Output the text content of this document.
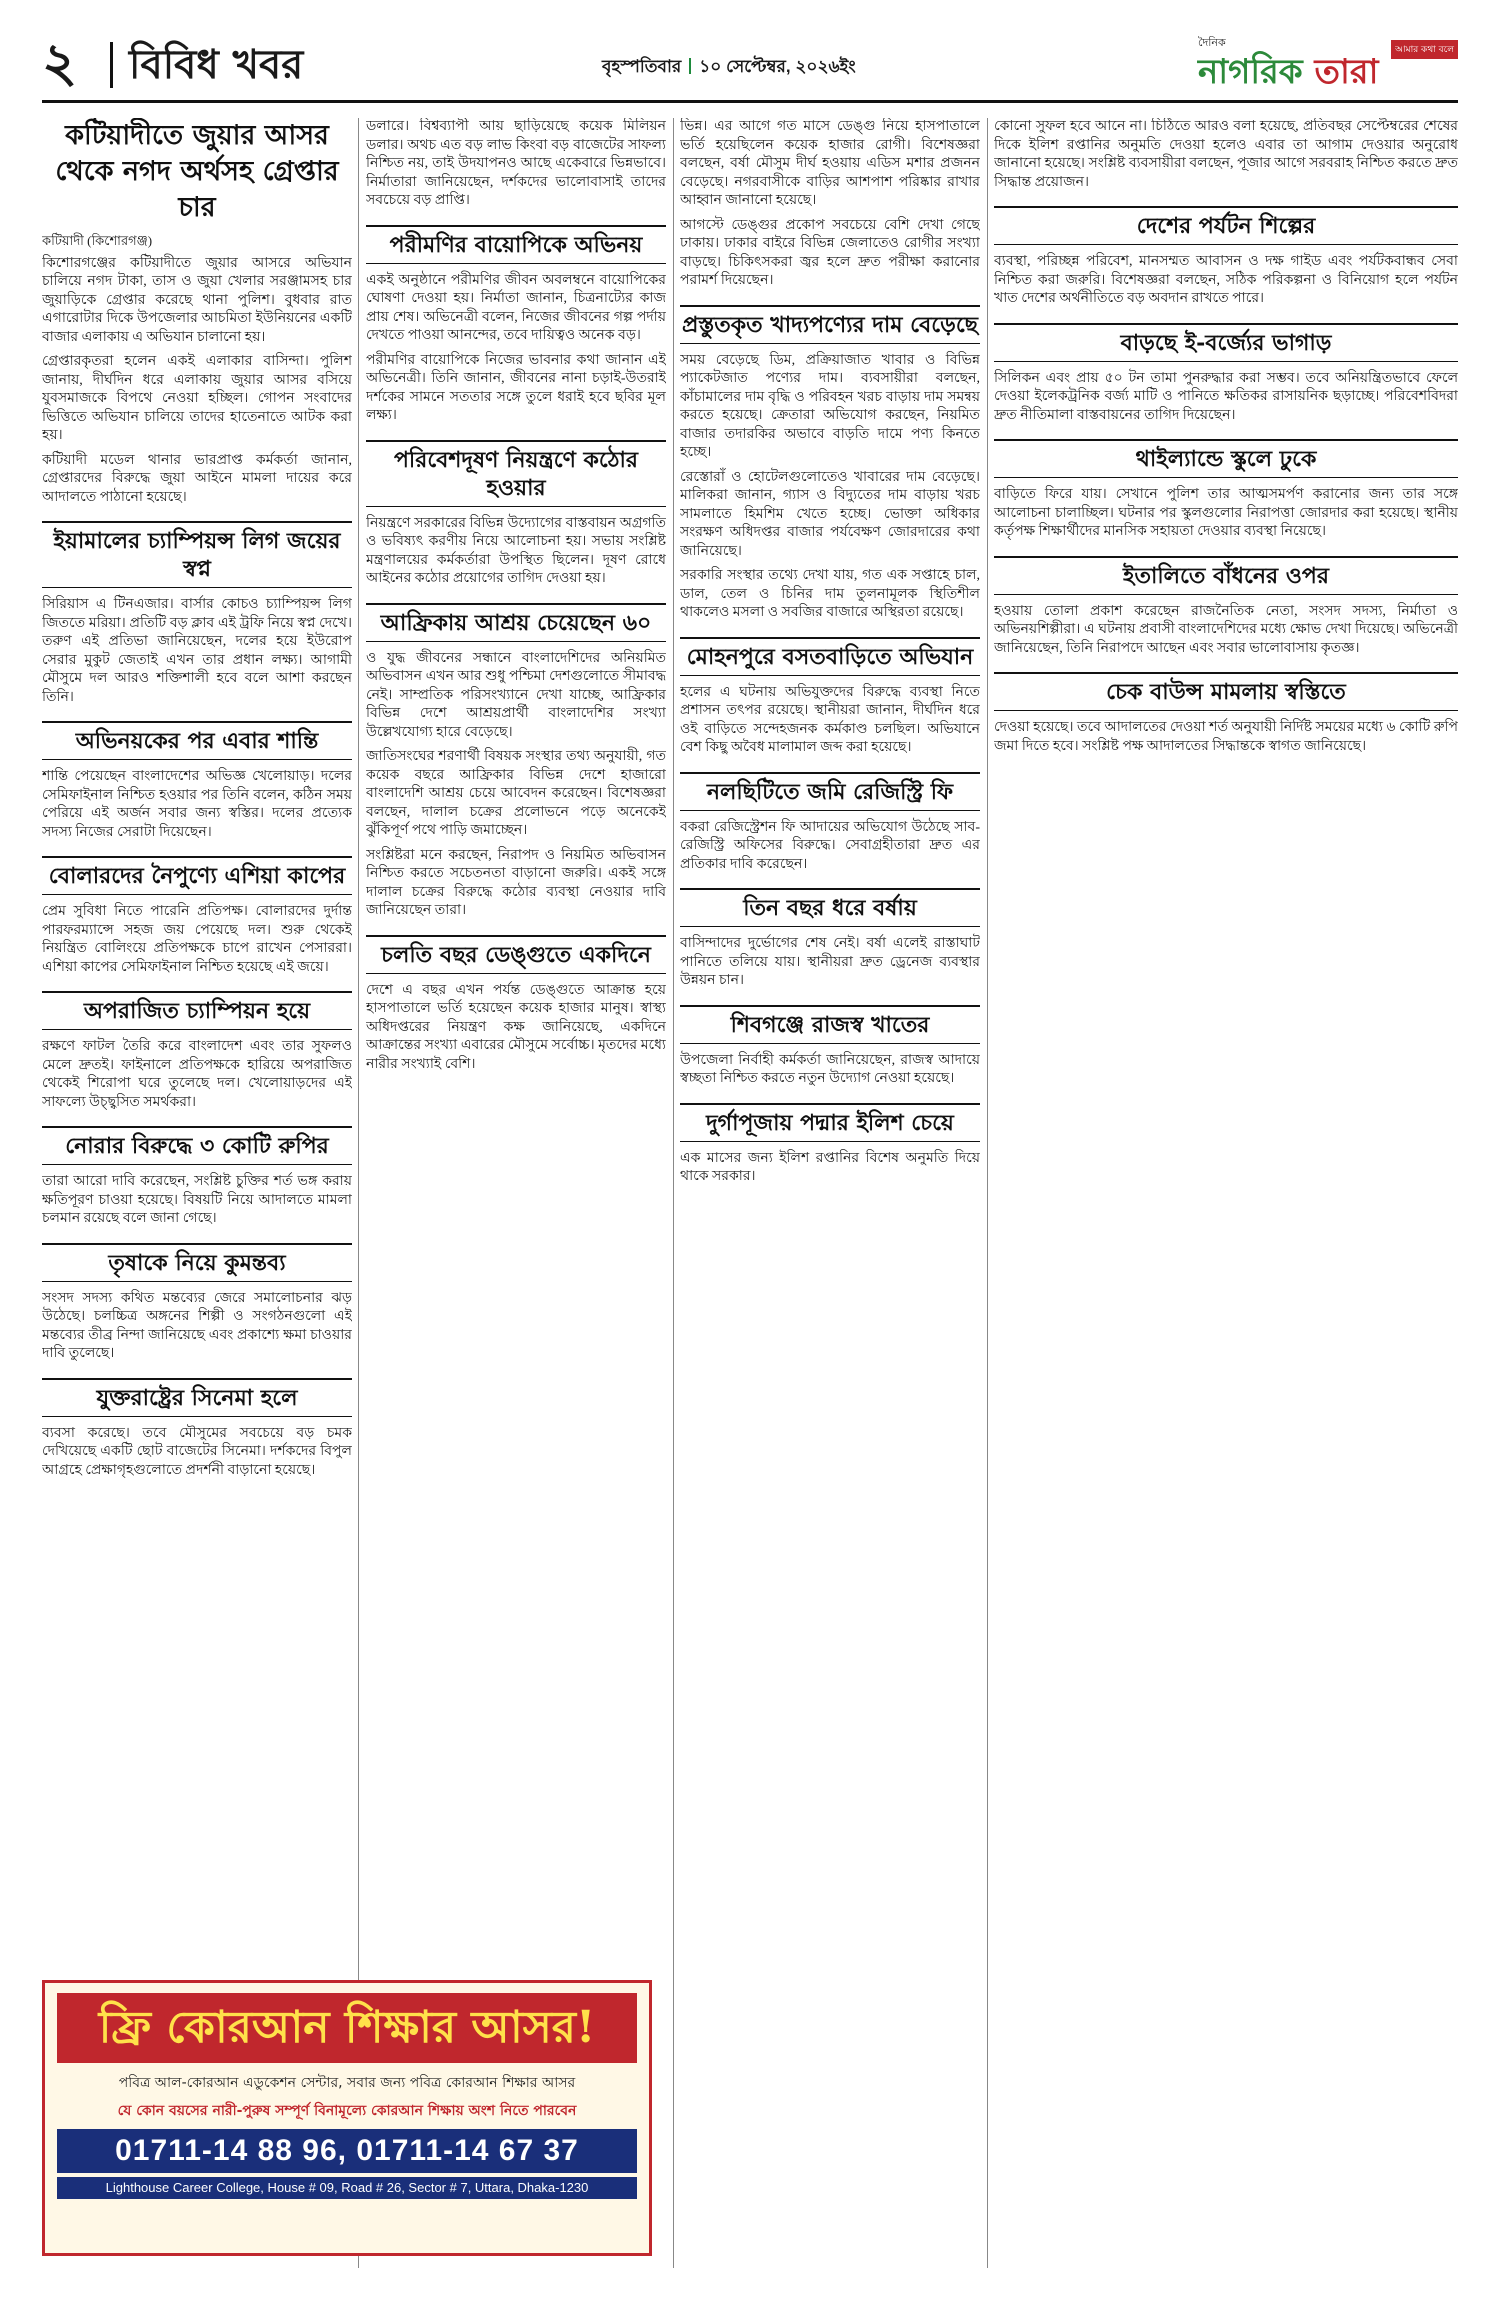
২ বিবিধ খবর	বৃহস্পতিবার ১০ সেপ্টেম্বর, ২০২৬ইং
দৈনিক
নাগরিক তারা
আমার কথা বলে
কটিয়াদীতে জুয়ার আসর থেকে নগদ অর্থসহ গ্রেপ্তার চার
কটিয়াদী (কিশোরগঞ্জ)

কিশোরগঞ্জের কটিয়াদীতে জুয়ার আসরে অভিযান চালিয়ে নগদ টাকা, তাস ও জুয়া খেলার সরঞ্জামসহ চার জুয়াড়িকে গ্রেপ্তার করেছে থানা পুলিশ। বুধবার রাত এগারোটার দিকে উপজেলার আচমিতা ইউনিয়নের একটি বাজার এলাকায় এ অভিযান চালানো হয়।

গ্রেপ্তারকৃতরা হলেন একই এলাকার বাসিন্দা। পুলিশ জানায়, দীর্ঘদিন ধরে এলাকায় জুয়ার আসর বসিয়ে যুবসমাজকে বিপথে নেওয়া হচ্ছিল। গোপন সংবাদের ভিত্তিতে অভিযান চালিয়ে তাদের হাতেনাতে আটক করা হয়।

কটিয়াদী মডেল থানার ভারপ্রাপ্ত কর্মকর্তা জানান, গ্রেপ্তারদের বিরুদ্ধে জুয়া আইনে মামলা দায়ের করে আদালতে পাঠানো হয়েছে।

ইয়ামালের চ্যাম্পিয়ন্স লিগ জয়ের স্বপ্ন

সিরিয়াস এ টিনএজার। বার্সার কোচও চ্যাম্পিয়ন্স লিগ জিততে মরিয়া। প্রতিটি বড় ক্লাব এই ট্রফি নিয়ে স্বপ্ন দেখে। তরুণ এই প্রতিভা জানিয়েছেন, দলের হয়ে ইউরোপ সেরার মুকুট জেতাই এখন তার প্রধান লক্ষ্য। আগামী মৌসুমে দল আরও শক্তিশালী হবে বলে আশা করছেন তিনি।

অভিনয়কের পর এবার শান্তি

শান্তি পেয়েছেন বাংলাদেশের অভিজ্ঞ খেলোয়াড়। দলের সেমিফাইনাল নিশ্চিত হওয়ার পর তিনি বলেন, কঠিন সময় পেরিয়ে এই অর্জন সবার জন্য স্বস্তির। দলের প্রত্যেক সদস্য নিজের সেরাটা দিয়েছেন।

বোলারদের নৈপুণ্যে এশিয়া কাপের

প্রেম সুবিধা নিতে পারেনি প্রতিপক্ষ। বোলারদের দুর্দান্ত পারফরম্যান্সে সহজ জয় পেয়েছে দল। শুরু থেকেই নিয়ন্ত্রিত বোলিংয়ে প্রতিপক্ষকে চাপে রাখেন পেসাররা। এশিয়া কাপের সেমিফাইনাল নিশ্চিত হয়েছে এই জয়ে।

অপরাজিত চ্যাম্পিয়ন হয়ে

রক্ষণে ফাটল তৈরি করে বাংলাদেশ এবং তার সুফলও মেলে দ্রুতই। ফাইনালে প্রতিপক্ষকে হারিয়ে অপরাজিত থেকেই শিরোপা ঘরে তুলেছে দল। খেলোয়াড়দের এই সাফল্যে উচ্ছ্বসিত সমর্থকরা।

নোরার বিরুদ্ধে ৩ কোটি রুপির

তারা আরো দাবি করেছেন, সংশ্লিষ্ট চুক্তির শর্ত ভঙ্গ করায় ক্ষতিপূরণ চাওয়া হয়েছে। বিষয়টি নিয়ে আদালতে মামলা চলমান রয়েছে বলে জানা গেছে।

তৃষাকে নিয়ে কুমন্তব্য

সংসদ সদস্য কথিত মন্তব্যের জেরে সমালোচনার ঝড় উঠেছে। চলচ্চিত্র অঙ্গনের শিল্পী ও সংগঠনগুলো এই মন্তব্যের তীব্র নিন্দা জানিয়েছে এবং প্রকাশ্যে ক্ষমা চাওয়ার দাবি তুলেছে।

যুক্তরাষ্ট্রের সিনেমা হলে

ব্যবসা করেছে। তবে মৌসুমের সবচেয়ে বড় চমক দেখিয়েছে একটি ছোট বাজেটের সিনেমা। দর্শকদের বিপুল আগ্রহে প্রেক্ষাগৃহগুলোতে প্রদর্শনী বাড়ানো হয়েছে।

ডলারে। বিশ্বব্যাপী আয় ছাড়িয়েছে কয়েক মিলিয়ন ডলার। অথচ এত বড় লাভ কিংবা বড় বাজেটের সাফল্য নিশ্চিত নয়, তাই উদযাপনও আছে একেবারে ভিন্নভাবে। নির্মাতারা জানিয়েছেন, দর্শকদের ভালোবাসাই তাদের সবচেয়ে বড় প্রাপ্তি।

পরীমণির বায়োপিকে অভিনয়

একই অনুষ্ঠানে পরীমণির জীবন অবলম্বনে বায়োপিকের ঘোষণা দেওয়া হয়। নির্মাতা জানান, চিত্রনাট্যের কাজ প্রায় শেষ। অভিনেত্রী বলেন, নিজের জীবনের গল্প পর্দায় দেখতে পাওয়া আনন্দের, তবে দায়িত্বও অনেক বড়।

পরীমণির বায়োপিকে নিজের ভাবনার কথা জানান এই অভিনেত্রী। তিনি জানান, জীবনের নানা চড়াই-উতরাই দর্শকের সামনে সততার সঙ্গে তুলে ধরাই হবে ছবির মূল লক্ষ্য।

পরিবেশদূষণ নিয়ন্ত্রণে কঠোর হওয়ার

নিয়ন্ত্রণে সরকারের বিভিন্ন উদ্যোগের বাস্তবায়ন অগ্রগতি ও ভবিষ্যৎ করণীয় নিয়ে আলোচনা হয়। সভায় সংশ্লিষ্ট মন্ত্রণালয়ের কর্মকর্তারা উপস্থিত ছিলেন। দূষণ রোধে আইনের কঠোর প্রয়োগের তাগিদ দেওয়া হয়।

আফ্রিকায় আশ্রয় চেয়েছেন ৬০

ও যুদ্ধ জীবনের সন্ধানে বাংলাদেশিদের অনিয়মিত অভিবাসন এখন আর শুধু পশ্চিমা দেশগুলোতে সীমাবদ্ধ নেই। সাম্প্রতিক পরিসংখ্যানে দেখা যাচ্ছে, আফ্রিকার বিভিন্ন দেশে আশ্রয়প্রার্থী বাংলাদেশির সংখ্যা উল্লেখযোগ্য হারে বেড়েছে।

জাতিসংঘের শরণার্থী বিষয়ক সংস্থার তথ্য অনুযায়ী, গত কয়েক বছরে আফ্রিকার বিভিন্ন দেশে হাজারো বাংলাদেশি আশ্রয় চেয়ে আবেদন করেছেন। বিশেষজ্ঞরা বলছেন, দালাল চক্রের প্রলোভনে পড়ে অনেকেই ঝুঁকিপূর্ণ পথে পাড়ি জমাচ্ছেন।

সংশ্লিষ্টরা মনে করছেন, নিরাপদ ও নিয়মিত অভিবাসন নিশ্চিত করতে সচেতনতা বাড়ানো জরুরি। একই সঙ্গে দালাল চক্রের বিরুদ্ধে কঠোর ব্যবস্থা নেওয়ার দাবি জানিয়েছেন তারা।

চলতি বছর ডেঙ্গুতে একদিনে

দেশে এ বছর এখন পর্যন্ত ডেঙ্গুতে আক্রান্ত হয়ে হাসপাতালে ভর্তি হয়েছেন কয়েক হাজার মানুষ। স্বাস্থ্য অধিদপ্তরের নিয়ন্ত্রণ কক্ষ জানিয়েছে, একদিনে আক্রান্তের সংখ্যা এবারের মৌসুমে সর্বোচ্চ। মৃতদের মধ্যে নারীর সংখ্যাই বেশি।

ভিন্ন। এর আগে গত মাসে ডেঙ্গু নিয়ে হাসপাতালে ভর্তি হয়েছিলেন কয়েক হাজার রোগী। বিশেষজ্ঞরা বলছেন, বর্ষা মৌসুম দীর্ঘ হওয়ায় এডিস মশার প্রজনন বেড়েছে। নগরবাসীকে বাড়ির আশপাশ পরিষ্কার রাখার আহ্বান জানানো হয়েছে।

আগস্টে ডেঙ্গুর প্রকোপ সবচেয়ে বেশি দেখা গেছে ঢাকায়। ঢাকার বাইরে বিভিন্ন জেলাতেও রোগীর সংখ্যা বাড়ছে। চিকিৎসকরা জ্বর হলে দ্রুত পরীক্ষা করানোর পরামর্শ দিয়েছেন।

প্রস্তুতকৃত খাদ্যপণ্যের দাম বেড়েছে

সময় বেড়েছে ডিম, প্রক্রিয়াজাত খাবার ও বিভিন্ন প্যাকেটজাত পণ্যের দাম। ব্যবসায়ীরা বলছেন, কাঁচামালের দাম বৃদ্ধি ও পরিবহন খরচ বাড়ায় দাম সমন্বয় করতে হয়েছে। ক্রেতারা অভিযোগ করছেন, নিয়মিত বাজার তদারকির অভাবে বাড়তি দামে পণ্য কিনতে হচ্ছে।

রেস্তোরাঁ ও হোটেলগুলোতেও খাবারের দাম বেড়েছে। মালিকরা জানান, গ্যাস ও বিদ্যুতের দাম বাড়ায় খরচ সামলাতে হিমশিম খেতে হচ্ছে। ভোক্তা অধিকার সংরক্ষণ অধিদপ্তর বাজার পর্যবেক্ষণ জোরদারের কথা জানিয়েছে।

সরকারি সংস্থার তথ্যে দেখা যায়, গত এক সপ্তাহে চাল, ডাল, তেল ও চিনির দাম তুলনামূলক স্থিতিশীল থাকলেও মসলা ও সবজির বাজারে অস্থিরতা রয়েছে।

মোহনপুরে বসতবাড়িতে অভিযান

হলের এ ঘটনায় অভিযুক্তদের বিরুদ্ধে ব্যবস্থা নিতে প্রশাসন তৎপর রয়েছে। স্থানীয়রা জানান, দীর্ঘদিন ধরে ওই বাড়িতে সন্দেহজনক কর্মকাণ্ড চলছিল। অভিযানে বেশ কিছু অবৈধ মালামাল জব্দ করা হয়েছে।

নলছিটিতে জমি রেজিস্ট্রি ফি

বকরা রেজিস্ট্রেশন ফি আদায়ের অভিযোগ উঠেছে সাব-রেজিস্ট্রি অফিসের বিরুদ্ধে। সেবাগ্রহীতারা দ্রুত এর প্রতিকার দাবি করেছেন।

তিন বছর ধরে বর্ষায়

বাসিন্দাদের দুর্ভোগের শেষ নেই। বর্ষা এলেই রাস্তাঘাট পানিতে তলিয়ে যায়। স্থানীয়রা দ্রুত ড্রেনেজ ব্যবস্থার উন্নয়ন চান।

শিবগঞ্জে রাজস্ব খাতের

উপজেলা নির্বাহী কর্মকর্তা জানিয়েছেন, রাজস্ব আদায়ে স্বচ্ছতা নিশ্চিত করতে নতুন উদ্যোগ নেওয়া হয়েছে।

দুর্গাপূজায় পদ্মার ইলিশ চেয়ে

এক মাসের জন্য ইলিশ রপ্তানির বিশেষ অনুমতি দিয়ে থাকে সরকার।

কোনো সুফল হবে আনে না। চিঠিতে আরও বলা হয়েছে, প্রতিবছর সেপ্টেম্বরের শেষের দিকে ইলিশ রপ্তানির অনুমতি দেওয়া হলেও এবার তা আগাম দেওয়ার অনুরোধ জানানো হয়েছে। সংশ্লিষ্ট ব্যবসায়ীরা বলছেন, পূজার আগে সরবরাহ নিশ্চিত করতে দ্রুত সিদ্ধান্ত প্রয়োজন।

দেশের পর্যটন শিল্পের

ব্যবস্থা, পরিচ্ছন্ন পরিবেশ, মানসম্মত আবাসন ও দক্ষ গাইড এবং পর্যটকবান্ধব সেবা নিশ্চিত করা জরুরি। বিশেষজ্ঞরা বলছেন, সঠিক পরিকল্পনা ও বিনিয়োগ হলে পর্যটন খাত দেশের অর্থনীতিতে বড় অবদান রাখতে পারে।

বাড়ছে ই-বর্জ্যের ভাগাড়

সিলিকন এবং প্রায় ৫০ টন তামা পুনরুদ্ধার করা সম্ভব। তবে অনিয়ন্ত্রিতভাবে ফেলে দেওয়া ইলেকট্রনিক বর্জ্য মাটি ও পানিতে ক্ষতিকর রাসায়নিক ছড়াচ্ছে। পরিবেশবিদরা দ্রুত নীতিমালা বাস্তবায়নের তাগিদ দিয়েছেন।

থাইল্যান্ডে স্কুলে ঢুকে

বাড়িতে ফিরে যায়। সেখানে পুলিশ তার আত্মসমর্পণ করানোর জন্য তার সঙ্গে আলোচনা চালাচ্ছিল। ঘটনার পর স্কুলগুলোর নিরাপত্তা জোরদার করা হয়েছে। স্থানীয় কর্তৃপক্ষ শিক্ষার্থীদের মানসিক সহায়তা দেওয়ার ব্যবস্থা নিয়েছে।

ইতালিতে বাঁধনের ওপর

হওয়ায় তোলা প্রকাশ করেছেন রাজনৈতিক নেতা, সংসদ সদস্য, নির্মাতা ও অভিনয়শিল্পীরা। এ ঘটনায় প্রবাসী বাংলাদেশিদের মধ্যে ক্ষোভ দেখা দিয়েছে। অভিনেত্রী জানিয়েছেন, তিনি নিরাপদে আছেন এবং সবার ভালোবাসায় কৃতজ্ঞ।

চেক বাউন্স মামলায় স্বস্তিতে

দেওয়া হয়েছে। তবে আদালতের দেওয়া শর্ত অনুযায়ী নির্দিষ্ট সময়ের মধ্যে ৬ কোটি রুপি জমা দিতে হবে। সংশ্লিষ্ট পক্ষ আদালতের সিদ্ধান্তকে স্বাগত জানিয়েছে।

ফ্রি কোরআন শিক্ষার আসর!
পবিত্র আল-কোরআন এডুকেশন সেন্টার, সবার জন্য পবিত্র কোরআন শিক্ষার আসর
যে কোন বয়সের নারী-পুরুষ সম্পূর্ণ বিনামূল্যে কোরআন শিক্ষায় অংশ নিতে পারবেন
01711-14 88 96, 01711-14 67 37
Lighthouse Career College, House # 09, Road # 26, Sector # 7, Uttara, Dhaka-1230
